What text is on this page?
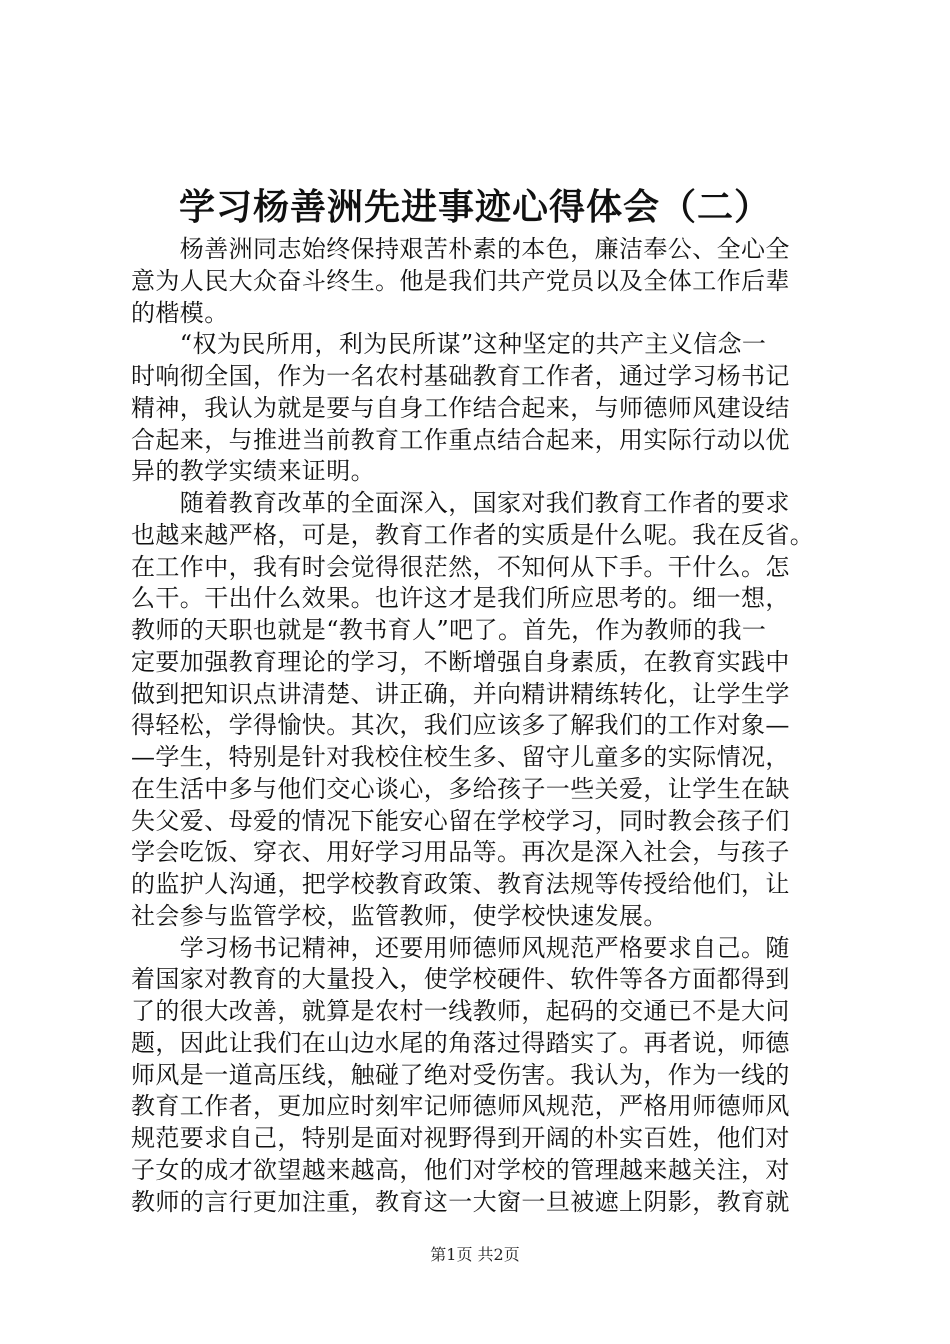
学习杨善洲先进事迹心得体会（二）
　　杨善洲同志始终保持艰苦朴素的本色，廉洁奉公、全心全
意为人民大众奋斗终生。他是我们共产党员以及全体工作后辈
的楷模。
　　“权为民所用，利为民所谋”这种坚定的共产主义信念一
时响彻全国，作为一名农村基础教育工作者，通过学习杨书记
精神，我认为就是要与自身工作结合起来，与师德师风建设结
合起来，与推进当前教育工作重点结合起来，用实际行动以优
异的教学实绩来证明。
　　随着教育改革的全面深入，国家对我们教育工作者的要求
也越来越严格，可是，教育工作者的实质是什么呢。我在反省。
在工作中，我有时会觉得很茫然，不知何从下手。干什么。怎
么干。干出什么效果。也许这才是我们所应思考的。细一想，
教师的天职也就是“教书育人”吧了。首先，作为教师的我一
定要加强教育理论的学习，不断增强自身素质，在教育实践中
做到把知识点讲清楚、讲正确，并向精讲精练转化，让学生学
得轻松，学得愉快。其次，我们应该多了解我们的工作对象—
—学生，特别是针对我校住校生多、留守儿童多的实际情况，
在生活中多与他们交心谈心，多给孩子一些关爱，让学生在缺
失父爱、母爱的情况下能安心留在学校学习，同时教会孩子们
学会吃饭、穿衣、用好学习用品等。再次是深入社会，与孩子
的监护人沟通，把学校教育政策、教育法规等传授给他们，让
社会参与监管学校，监管教师，使学校快速发展。
　　学习杨书记精神，还要用师德师风规范严格要求自己。随
着国家对教育的大量投入，使学校硬件、软件等各方面都得到
了的很大改善，就算是农村一线教师，起码的交通已不是大问
题，因此让我们在山边水尾的角落过得踏实了。再者说，师德
师风是一道高压线，触碰了绝对受伤害。我认为，作为一线的
教育工作者，更加应时刻牢记师德师风规范，严格用师德师风
规范要求自己，特别是面对视野得到开阔的朴实百姓，他们对
子女的成才欲望越来越高，他们对学校的管理越来越关注，对
教师的言行更加注重，教育这一大窗一旦被遮上阴影，教育就
第1页 共2页
